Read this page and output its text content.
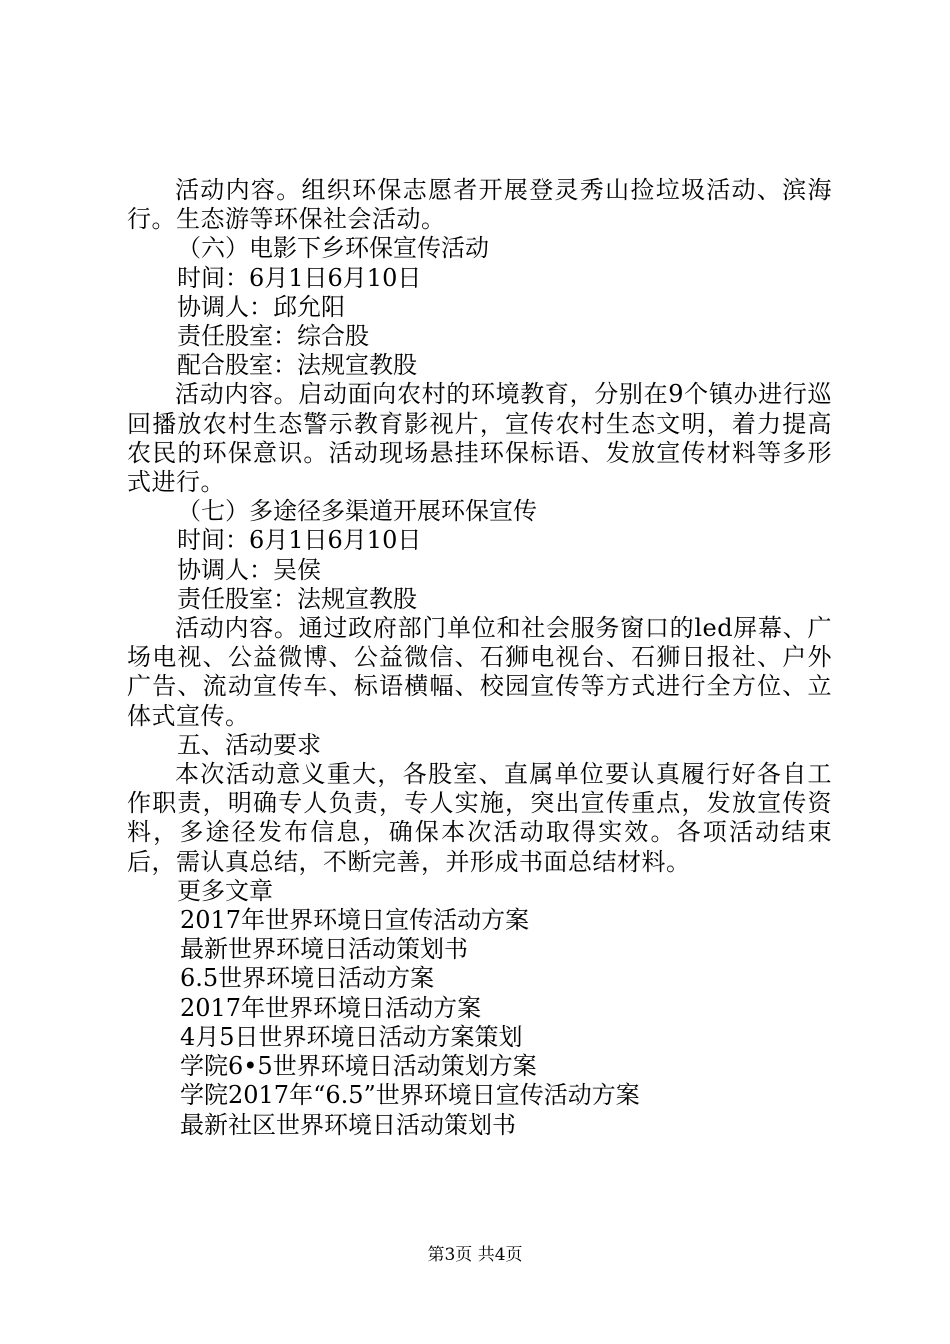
活动内容。组织环保志愿者开展登灵秀山捡垃圾活动、滨海行。生态游等环保社会活动。

（六）电影下乡环保宣传活动

时间：6月1日6月10日

协调人：邱允阳

责任股室：综合股

配合股室：法规宣教股

活动内容。启动面向农村的环境教育，分别在9个镇办进行巡回播放农村生态警示教育影视片，宣传农村生态文明，着力提高农民的环保意识。活动现场悬挂环保标语、发放宣传材料等多形式进行。

（七）多途径多渠道开展环保宣传

时间：6月1日6月10日

协调人：吴侯

责任股室：法规宣教股

活动内容。通过政府部门单位和社会服务窗口的led屏幕、广场电视、公益微博、公益微信、石狮电视台、石狮日报社、户外广告、流动宣传车、标语横幅、校园宣传等方式进行全方位、立体式宣传。

五、活动要求

本次活动意义重大，各股室、直属单位要认真履行好各自工作职责，明确专人负责，专人实施，突出宣传重点，发放宣传资料，多途径发布信息，确保本次活动取得实效。各项活动结束后，需认真总结，不断完善，并形成书面总结材料。

更多文章

2017年世界环境日宣传活动方案

最新世界环境日活动策划书

6.5世界环境日活动方案

2017年世界环境日活动方案

4月5日世界环境日活动方案策划

学院6•5世界环境日活动策划方案

学院2017年“6.5”世界环境日宣传活动方案

最新社区世界环境日活动策划书

第3页 共4页
